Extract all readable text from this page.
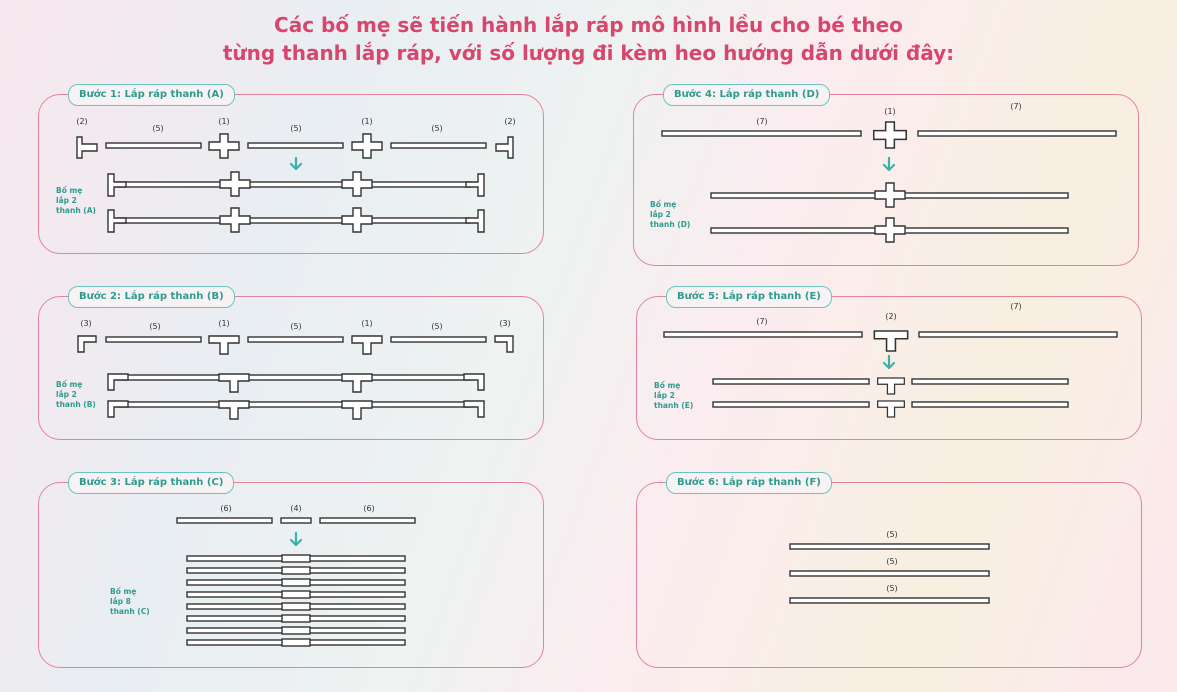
Các bố mẹ sẽ tiến hành lắp ráp mô hình lều cho bé theo
từng thanh lắp ráp, với số lượng đi kèm heo hướng dẫn dưới đây:
Bước 1: Lắp ráp thanh (A)
Bước 2: Lắp ráp thanh (B)
Bước 3: Lắp ráp thanh (C)
Bước 4: Lắp ráp thanh (D)
Bước 5: Lắp ráp thanh (E)
Bước 6: Lắp ráp thanh (F)
Bố mẹ
lắp 2
thanh (A)
Bố mẹ
lắp 2
thanh (B)
Bố mẹ
lắp 8
thanh (C)
Bố mẹ
lắp 2
thanh (D)
Bố mẹ
lắp 2
thanh (E)
(2)
(5)
(1)
(5)
(1)
(5)
(2)
(3)	(5)	(1)	(5)	(1)	(5)	(3)
(6)	(4)	(6)
(7)
(1)
(7)
(7)
(2)
(7)
(5)
(5)
(5)
